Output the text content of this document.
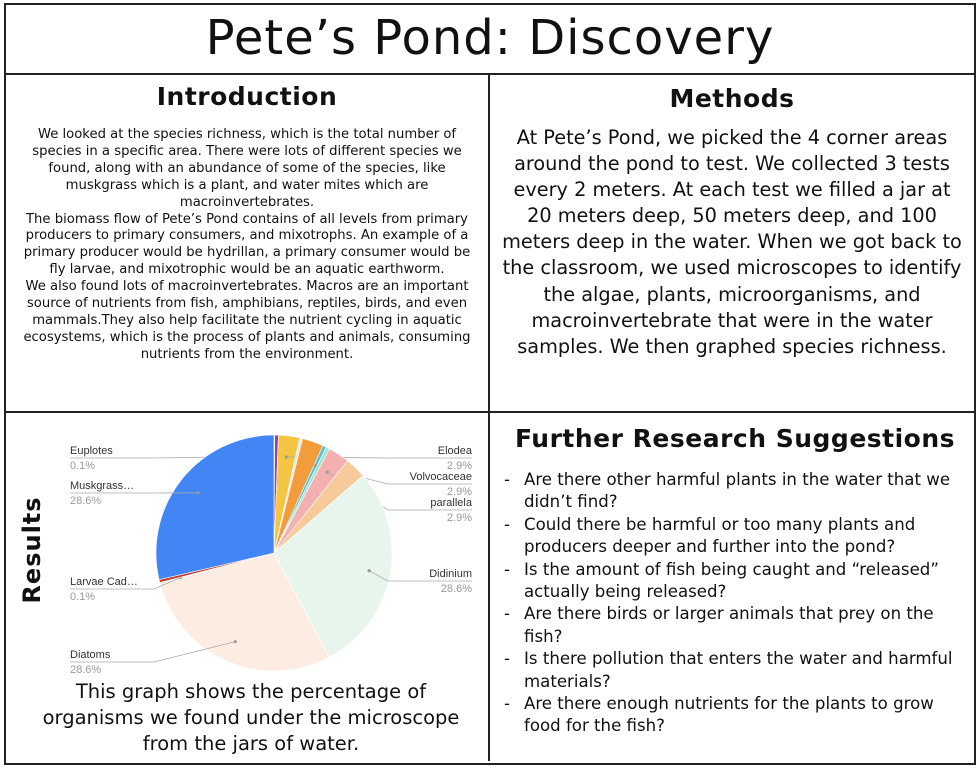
Pete’s Pond: Discovery
Introduction

We looked at the species richness, which is the total number of species in a specific area. There were lots of different species we found, along with an abundance of some of the species, like muskgrass which is a plant, and water mites which are macroinvertebrates.

The biomass flow of Pete’s Pond contains of all levels from primary producers to primary consumers, and mixotrophs. An example of a primary producer would be hydrillan, a primary consumer would be fly larvae, and mixotrophic would be an aquatic earthworm.

We also found lots of macroinvertebrates. Macros are an important source of nutrients from fish, amphibians, reptiles, birds, and even mammals.They also help facilitate the nutrient cycling in aquatic ecosystems, which is the process of plants and animals, consuming nutrients from the environment.

Methods

At Pete’s Pond, we picked the 4 corner areas around the pond to test. We collected 3 tests every 2 meters. At each test we filled a jar at 20 meters deep, 50 meters deep, and 100 meters deep in the water. When we got back to the classroom, we used microscopes to identify the algae, plants, microorganisms, and macroinvertebrate that were in the water samples. We then graphed species richness.

Results
Euplotes
0.1%
Elodea
2.9%
Volvocaceae
2.9%
parallela
2.9%
Didinium
28.6%
Diatoms
28.6%
Larvae Cad…
0.1%
Muskgrass…
28.6%

This graph shows the percentage of organisms we found under the microscope from the jars of water.

Further Research Suggestions
- Are there other harmful plants in the water that we didn’t find?
- Could there be harmful or too many plants and producers deeper and further into the pond?
- Is the amount of fish being caught and “released” actually being released?
- Are there birds or larger animals that prey on the fish?
- Is there pollution that enters the water and harmful materials?
- Are there enough nutrients for the plants to grow food for the fish?
